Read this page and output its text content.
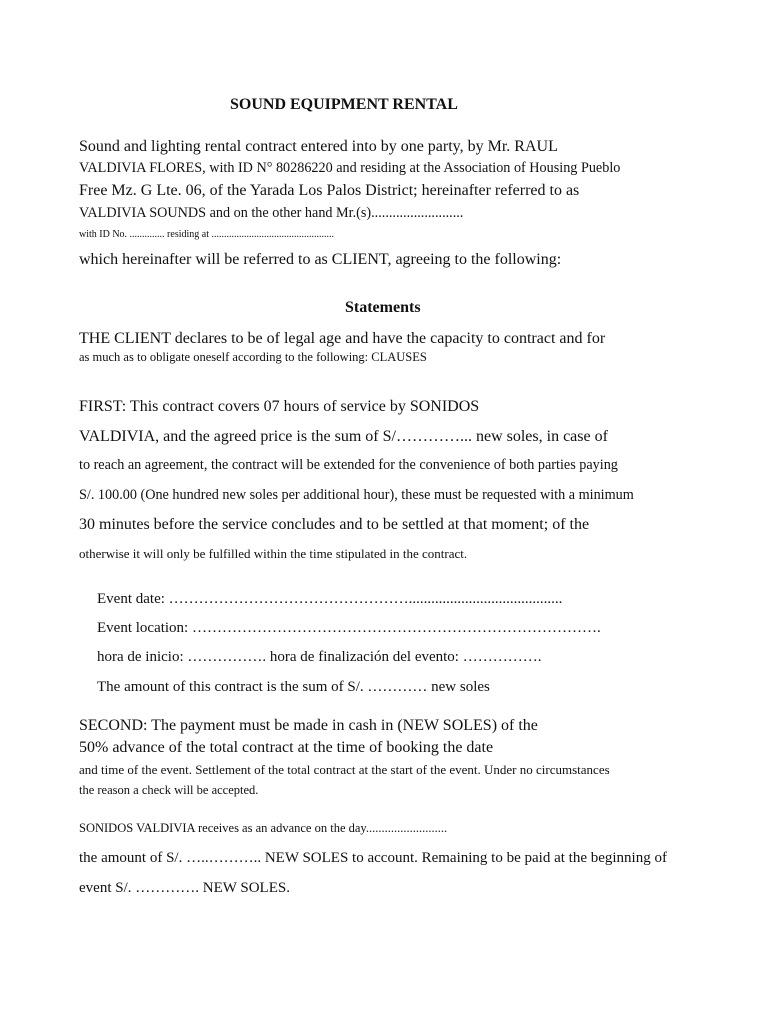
SOUND EQUIPMENT RENTAL
Sound and lighting rental contract entered into by one party, by Mr. RAUL
VALDIVIA FLORES, with ID N° 80286220 and residing at the Association of Housing Pueblo
Free Mz. G Lte. 06, of the Yarada Los Palos District; hereinafter referred to as
VALDIVIA SOUNDS and on the other hand Mr.(s)..........................
with ID No. .............. residing at .................................................
which hereinafter will be referred to as CLIENT, agreeing to the following:
Statements
THE CLIENT declares to be of legal age and have the capacity to contract and for
as much as to obligate oneself according to the following: CLAUSES
FIRST: This contract covers 07 hours of service by SONIDOS
VALDIVIA, and the agreed price is the sum of S/…………... new soles, in case of
to reach an agreement, the contract will be extended for the convenience of both parties paying
S/. 100.00 (One hundred new soles per additional hour), these must be requested with a minimum
30 minutes before the service concludes and to be settled at that moment; of the
otherwise it will only be fulfilled within the time stipulated in the contract.
Event date: ………………………………………….........................................
Event location: ……………………………………………………………………….
hora de inicio: ……………. hora de finalización del evento: …………….
The amount of this contract is the sum of S/. ………… new soles
SECOND: The payment must be made in cash in (NEW SOLES) of the
50% advance of the total contract at the time of booking the date
and time of the event. Settlement of the total contract at the start of the event. Under no circumstances
the reason a check will be accepted.
SONIDOS VALDIVIA receives as an advance on the day..........................
the amount of S/. …..……….. NEW SOLES to account. Remaining to be paid at the beginning of
event S/. …………. NEW SOLES.
